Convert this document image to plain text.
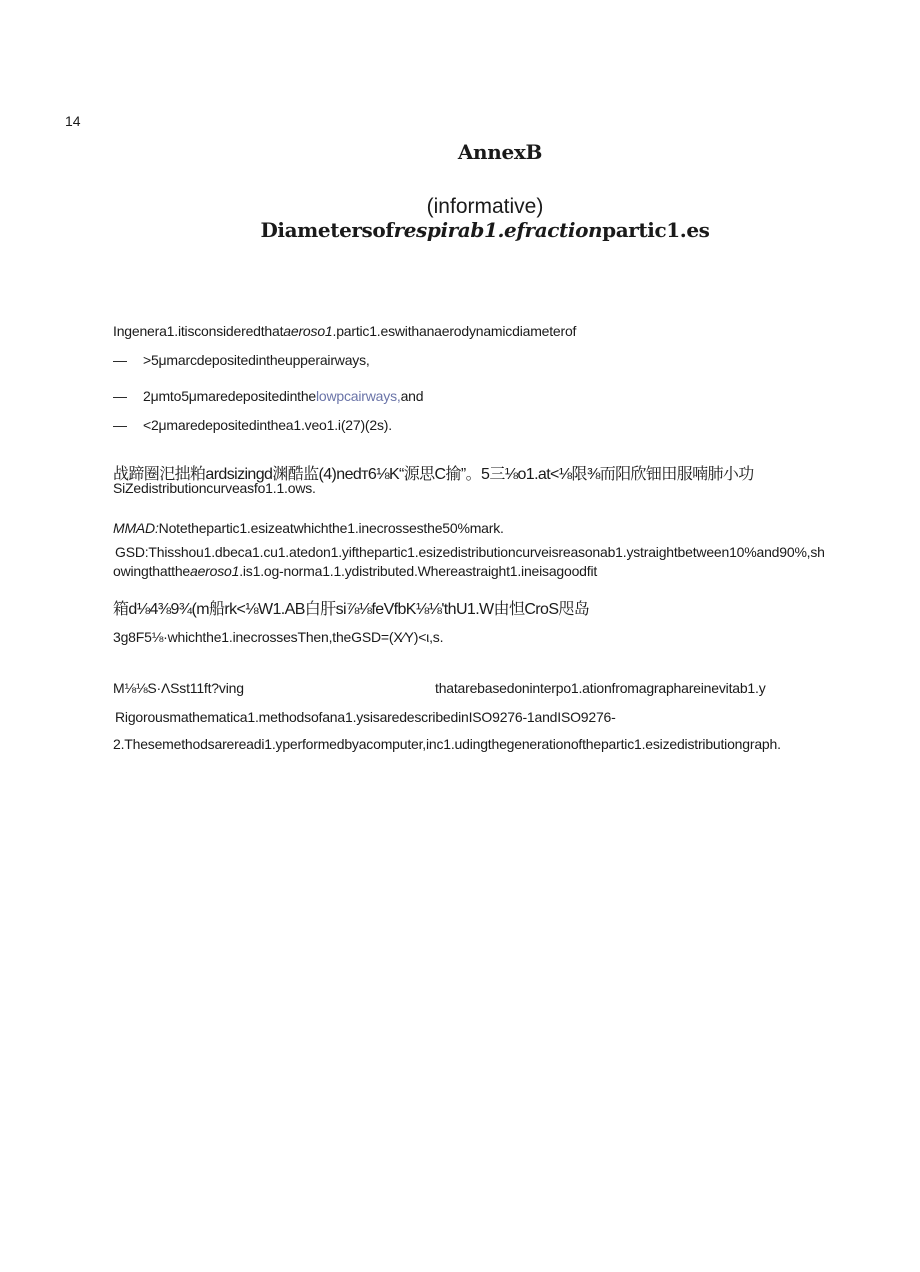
14
AnnexB
(informative)
Diametersofrespirab1.efractionpartic1.es
Ingenera1.itisconsideredthataeroso1.partic1.eswithanaerodynamicdiameterof
— >5μmarcdepositedintheupperairways,
— 2μmto5μmaredepositedinthelowpcairways,and
— <2μmaredepositedinthea1.veo1.i(27)(2s).
战蹄圈汜拙粕ardsizingd渊酷监(4)nedт6⅛K“源思C揄”。5三⅛o1.at<⅛限⅜而阳欣钿田服喃肺小功
SiZedistributioncurveasfo1.1.ows.
MMAD:Notethepartic1.esizeatwhichthe1.inecrossesthe50%mark.
GSD:Thisshou1.dbeca1.cu1.atedon1.yifthepartic1.esizedistributioncurveisreasonab1.ystraightbetween10%and90%,sh
owingthattheaeroso1.is1.og-norma1.1.ydistributed.Whereastraight1.ineisagoodfit
箱d⅛4⅜9¾(m船rk<⅛W1.AB白肝si⅞⅛feVfbK⅛⅛'thU1.W由怛CroS咫岛
3g8F5⅛·whichthe1.inecrossesThen,theGSD=(X⁄Y)<ι,s.
M⅛⅛S·ΛSst11ft?ving	thatarebasedoninterpo1.ationfromagraphareinevitab1.y
Rigorousmathematica1.methodsofana1.ysisaredescribedinISO9276-1andISO9276-
2.Thesemethodsarereadi1.yperformedbyacomputer,inc1.udingthegenerationofthepartic1.esizedistributiongraph.
